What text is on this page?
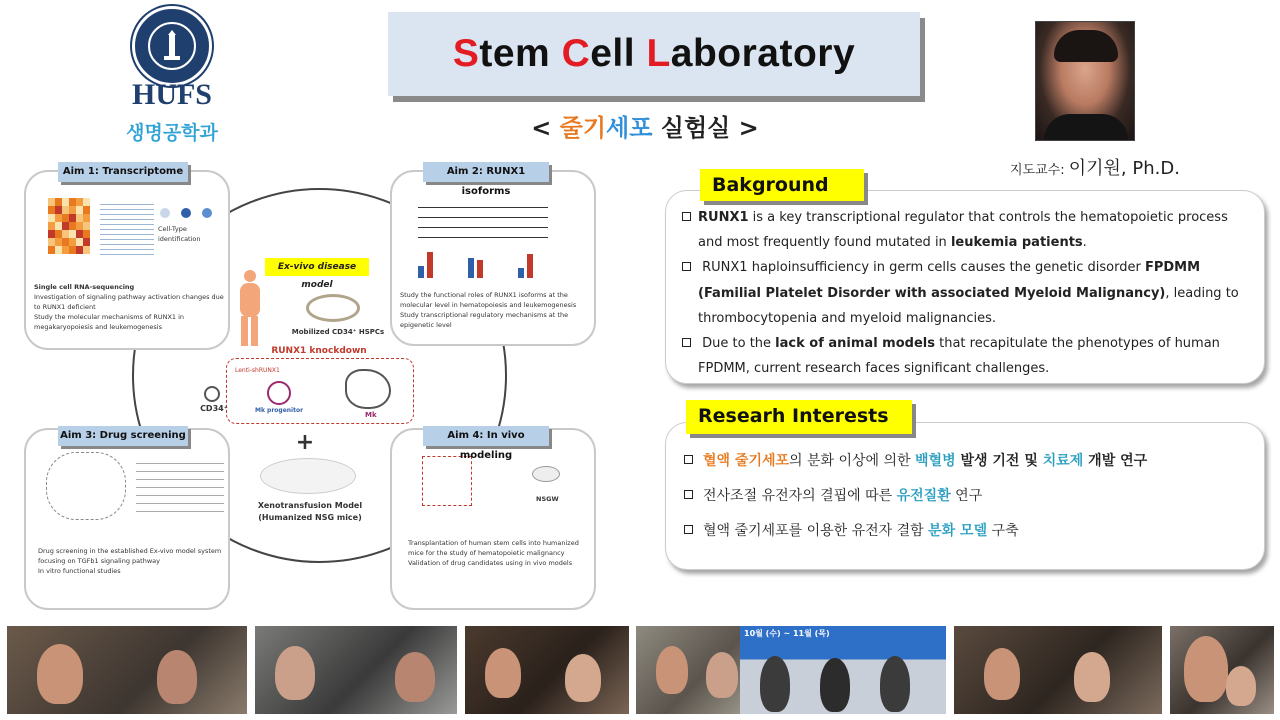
HUFS
생명공학과
Stem Cell Laboratory
< 줄기세포 실험실 >
지도교수: 이기원, Ph.D.
Cell-Type identification

Single cell RNA-sequencing

Investigation of signaling pathway activation changes due to RUNX1 deficient

Study the molecular mechanisms of RUNX1 in megakaryopoiesis and leukemogenesis

Aim 1: Transcriptome

Study the functional roles of RUNX1 isoforms at the molecular level in hematopoiesis and leukemogenesis

Study transcriptional regulatory mechanisms at the epigenetic level

Aim 2: RUNX1 isoforms

Drug screening in the established Ex-vivo model system focusing on TGFb1 signaling pathway

In vitro functional studies

Aim 3: Drug screening
NSGW

Transplantation of human stem cells into humanized mice for the study of hematopoietic malignancy

Validation of drug candidates using in vivo models

Aim 4: In vivo modeling
Ex-vivo disease model
Mobilized CD34⁺ HSPCs
RUNX1 knockdown
Lenti-shRUNX1
Mk progenitor
Mk
CD34⁺
+
Xenotransfusion Model (Humanized NSG mice)
Bakground

RUNX1 is a key transcriptional regulator that controls the hematopoietic process and most frequently found mutated in leukemia patients.

RUNX1 haploinsufficiency in germ cells causes the genetic disorder FPDMM (Familial Platelet Disorder with associated Myeloid Malignancy), leading to thrombocytopenia and myeloid malignancies.

Due to the lack of animal models that recapitulate the phenotypes of human FPDMM, current research faces significant challenges.

Researh Interests

혈액 줄기세포의 분화 이상에 의한 백혈병 발생 기전 및 치료제 개발 연구

전사조절 유전자의 결핍에 따른 유전질환 연구

혈액 줄기세포를 이용한 유전자 결함 분화 모델 구축

10월 (수) ~ 11월 (목)
